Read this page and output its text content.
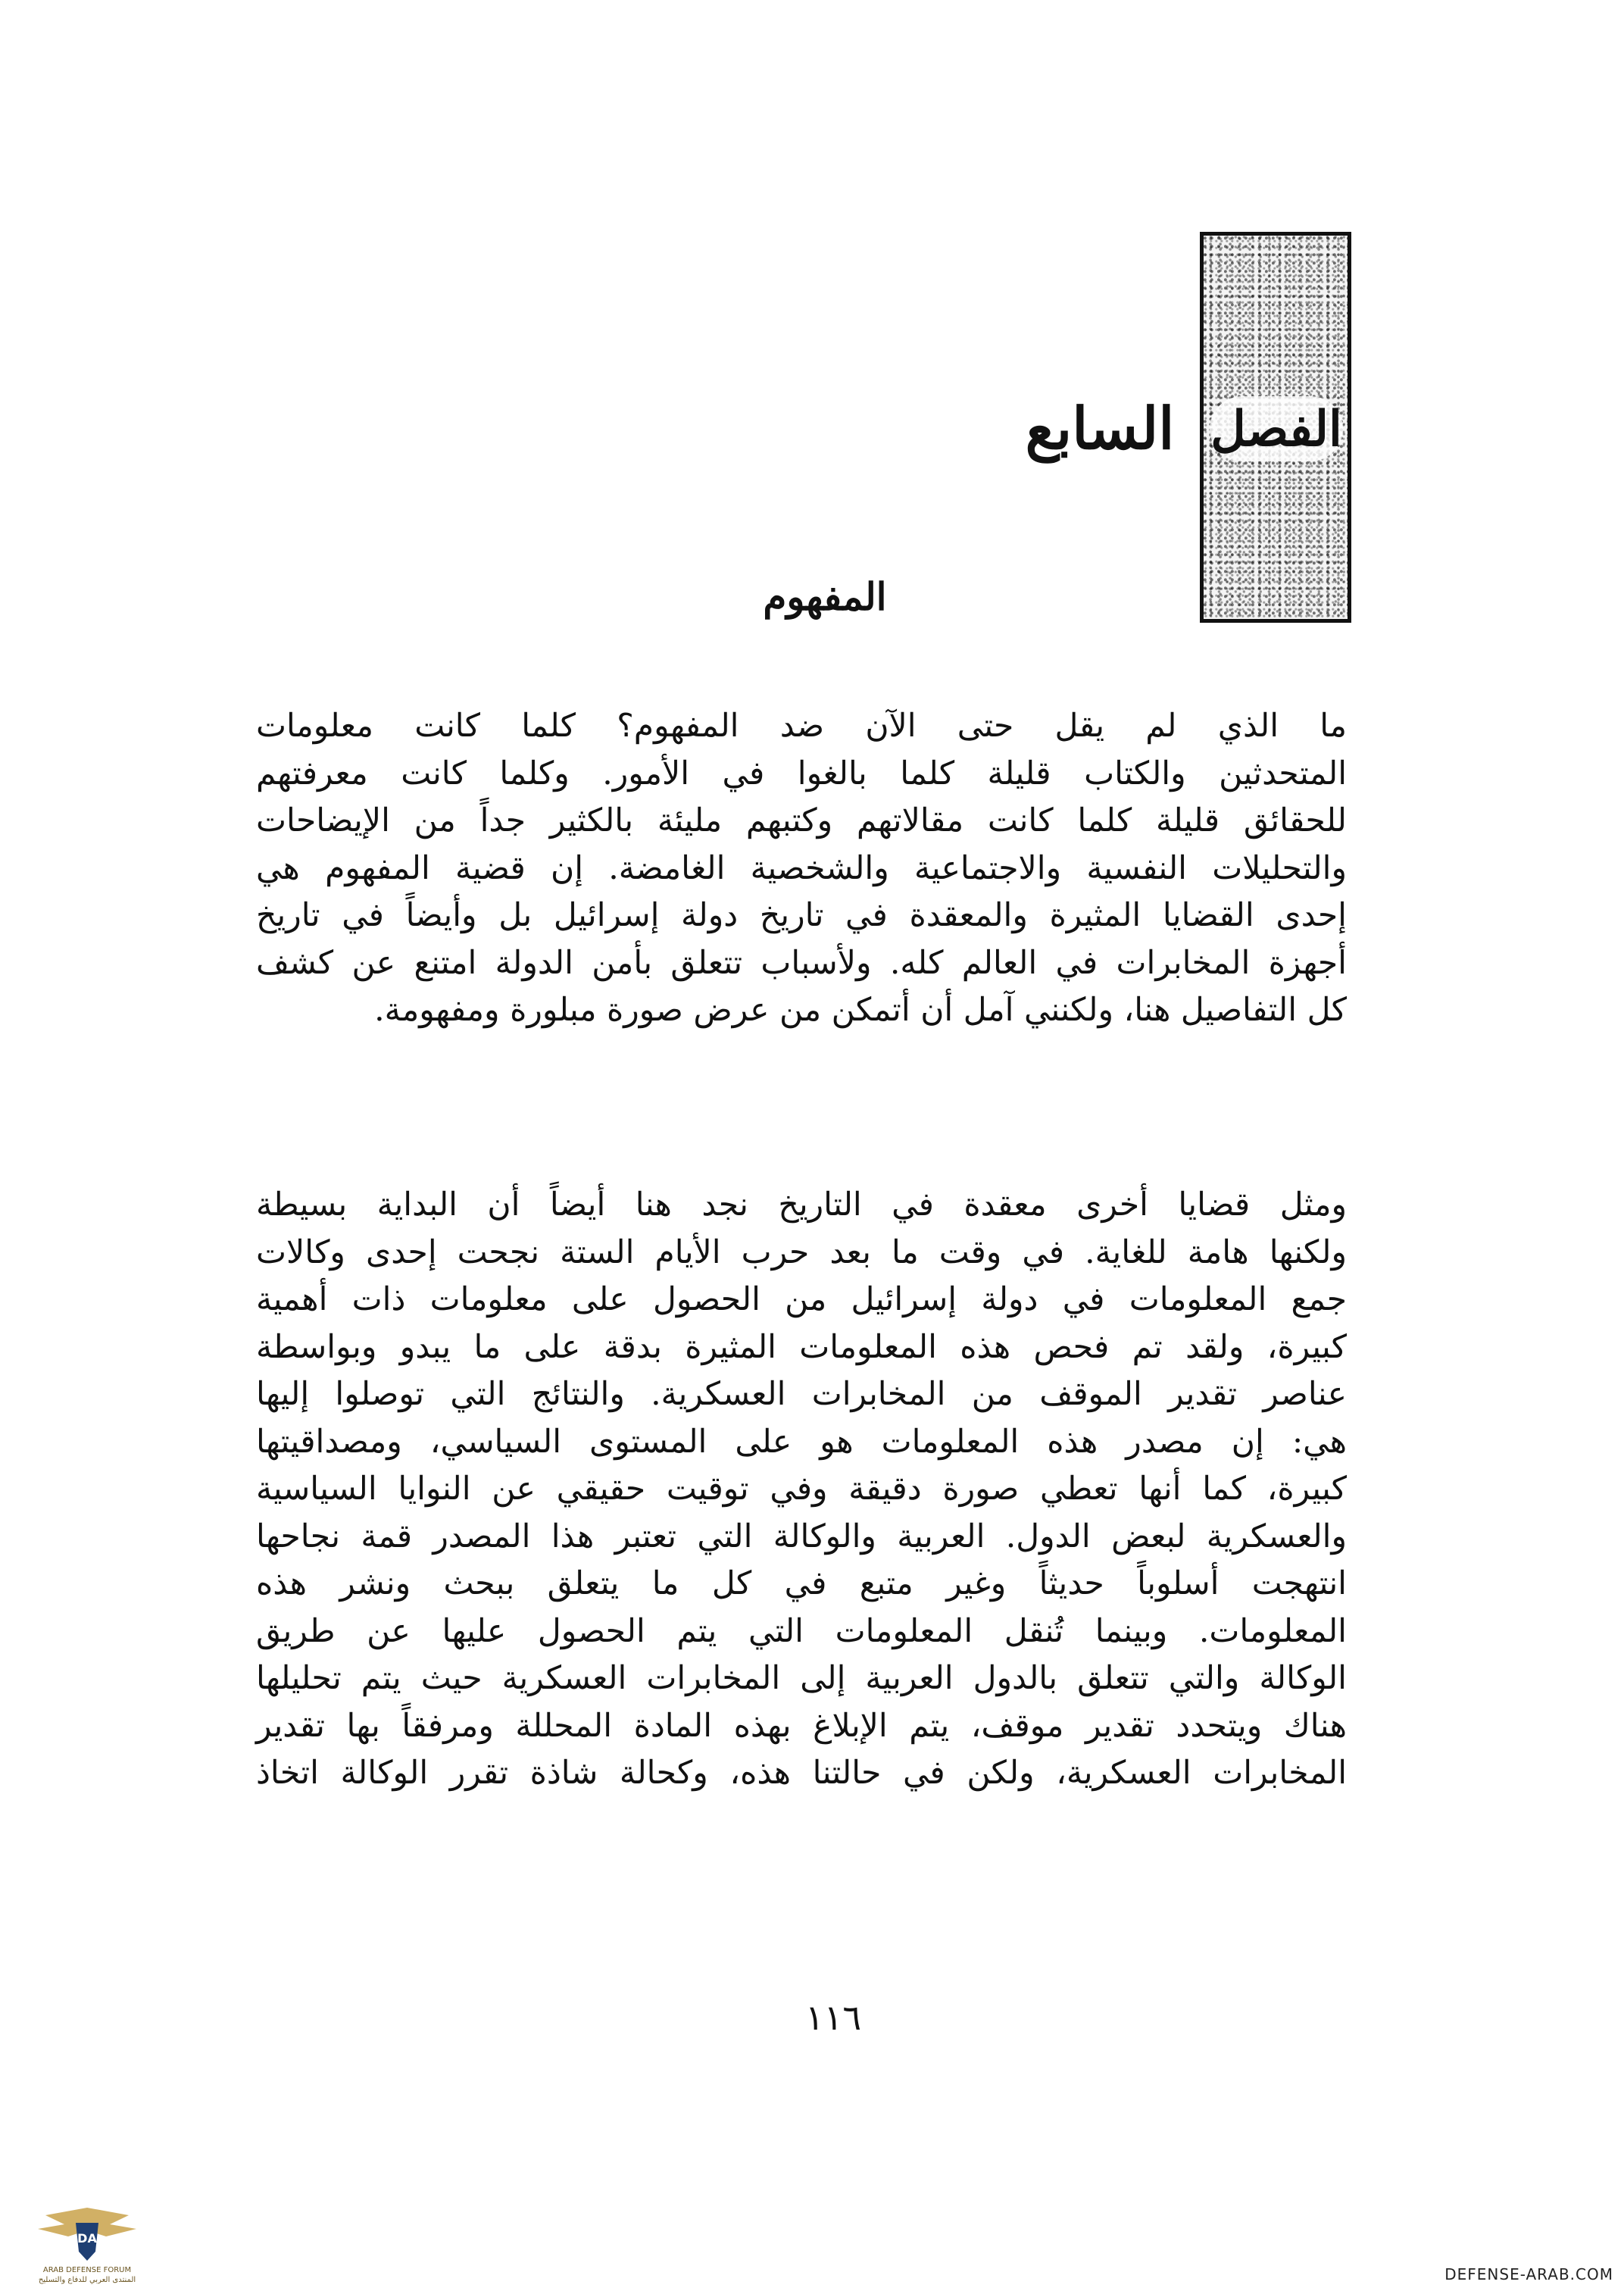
الفصل
السابع
المفهوم
ما الذي لم يقل حتى الآن ضد المفهوم؟ كلما كانت معلومات
المتحدثين والكتاب قليلة كلما بالغوا في الأمور. وكلما كانت معرفتهم
للحقائق قليلة كلما كانت مقالاتهم وكتبهم مليئة بالكثير جداً من الإيضاحات
والتحليلات النفسية والاجتماعية والشخصية الغامضة. إن قضية المفهوم هي
إحدى القضايا المثيرة والمعقدة في تاريخ دولة إسرائيل بل وأيضاً في تاريخ
أجهزة المخابرات في العالم كله. ولأسباب تتعلق بأمن الدولة امتنع عن كشف
كل التفاصيل هنا، ولكنني آمل أن أتمكن من عرض صورة مبلورة ومفهومة.
ومثل قضايا أخرى معقدة في التاريخ نجد هنا أيضاً أن البداية بسيطة
ولكنها هامة للغاية. في وقت ما بعد حرب الأيام الستة نجحت إحدى وكالات
جمع المعلومات في دولة إسرائيل من الحصول على معلومات ذات أهمية
كبيرة، ولقد تم فحص هذه المعلومات المثيرة بدقة على ما يبدو وبواسطة
عناصر تقدير الموقف من المخابرات العسكرية. والنتائج التي توصلوا إليها
هي: إن مصدر هذه المعلومات هو على المستوى السياسي، ومصداقيتها
كبيرة، كما أنها تعطي صورة دقيقة وفي توقيت حقيقي عن النوايا السياسية
والعسكرية لبعض الدول. العربية والوكالة التي تعتبر هذا المصدر قمة نجاحها
انتهجت أسلوباً حديثاً وغير متبع في كل ما يتعلق ببحث ونشر هذه
المعلومات. وبينما تُنقل المعلومات التي يتم الحصول عليها عن طريق
الوكالة والتي تتعلق بالدول العربية إلى المخابرات العسكرية حيث يتم تحليلها
هناك ويتحدد تقدير موقف، يتم الإبلاغ بهذه المادة المحللة ومرفقاً بها تقدير
المخابرات العسكرية، ولكن في حالتنا هذه، وكحالة شاذة تقرر الوكالة اتخاذ
١١٦
DA
ARAB DEFENSE FORUM
المنتدى العربي للدفاع والتسليح	DEFENSE-ARAB.COM
